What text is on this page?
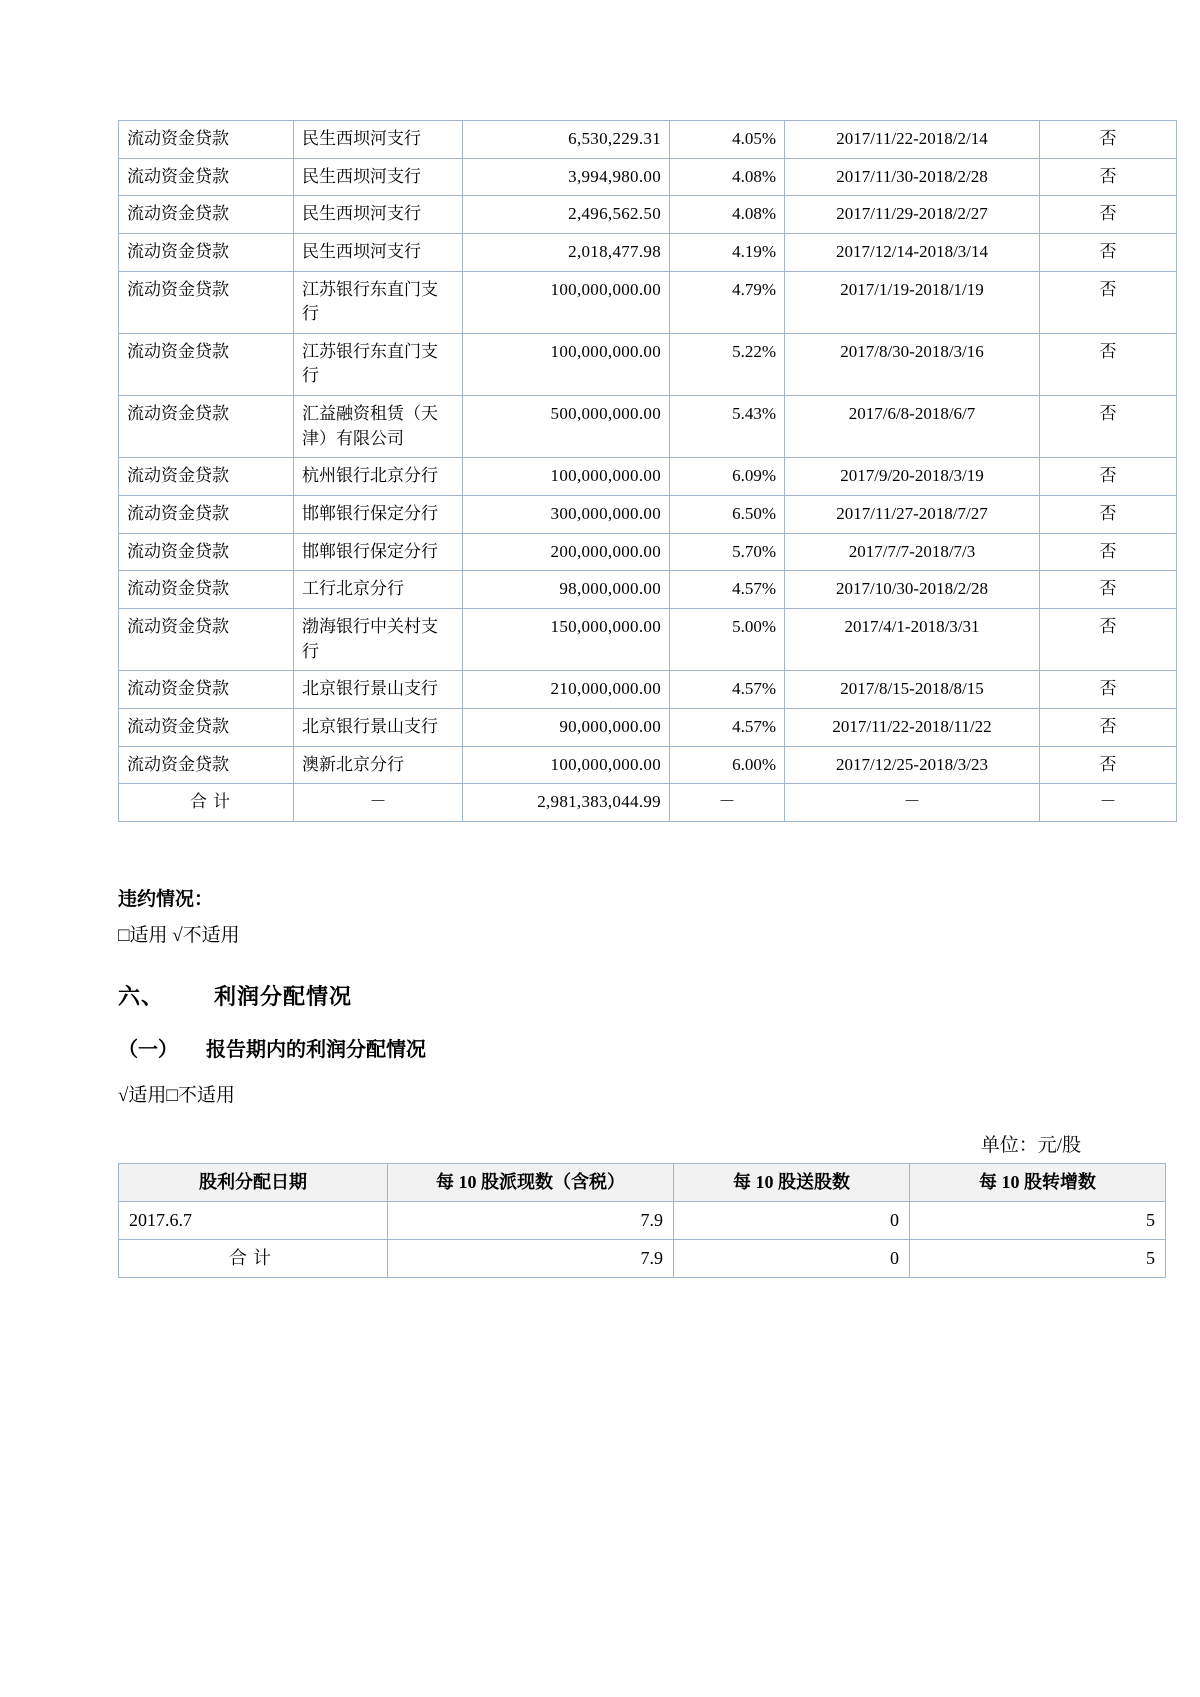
流动资金贷款	民生西坝河支行	6,530,229.31	4.05%	2017/11/22-2018/2/14	否
流动资金贷款	民生西坝河支行	3,994,980.00	4.08%	2017/11/30-2018/2/28	否
流动资金贷款	民生西坝河支行	2,496,562.50	4.08%	2017/11/29-2018/2/27	否
流动资金贷款	民生西坝河支行	2,018,477.98	4.19%	2017/12/14-2018/3/14	否
流动资金贷款	江苏银行东直门支行	100,000,000.00	4.79%	2017/1/19-2018/1/19	否
流动资金贷款	江苏银行东直门支行	100,000,000.00	5.22%	2017/8/30-2018/3/16	否
流动资金贷款	汇益融资租赁（天津）有限公司	500,000,000.00	5.43%	2017/6/8-2018/6/7	否
流动资金贷款	杭州银行北京分行	100,000,000.00	6.09%	2017/9/20-2018/3/19	否
流动资金贷款	邯郸银行保定分行	300,000,000.00	6.50%	2017/11/27-2018/7/27	否
流动资金贷款	邯郸银行保定分行	200,000,000.00	5.70%	2017/7/7-2018/7/3	否
流动资金贷款	工行北京分行	98,000,000.00	4.57%	2017/10/30-2018/2/28	否
流动资金贷款	渤海银行中关村支行	150,000,000.00	5.00%	2017/4/1-2018/3/31	否
流动资金贷款	北京银行景山支行	210,000,000.00	4.57%	2017/8/15-2018/8/15	否
流动资金贷款	北京银行景山支行	90,000,000.00	4.57%	2017/11/22-2018/11/22	否
流动资金贷款	澳新北京分行	100,000,000.00	6.00%	2017/12/25-2018/3/23	否
合计	－	2,981,383,044.99	－	－	－

违约情况：

□适用 √不适用

六、 利润分配情况
（一） 报告期内的利润分配情况

√适用□不适用

单位：元/股
股利分配日期	每 10 股派现数（含税）	每 10 股送股数	每 10 股转增数
2017.6.7	7.9	0	5
合计	7.9	0	5
